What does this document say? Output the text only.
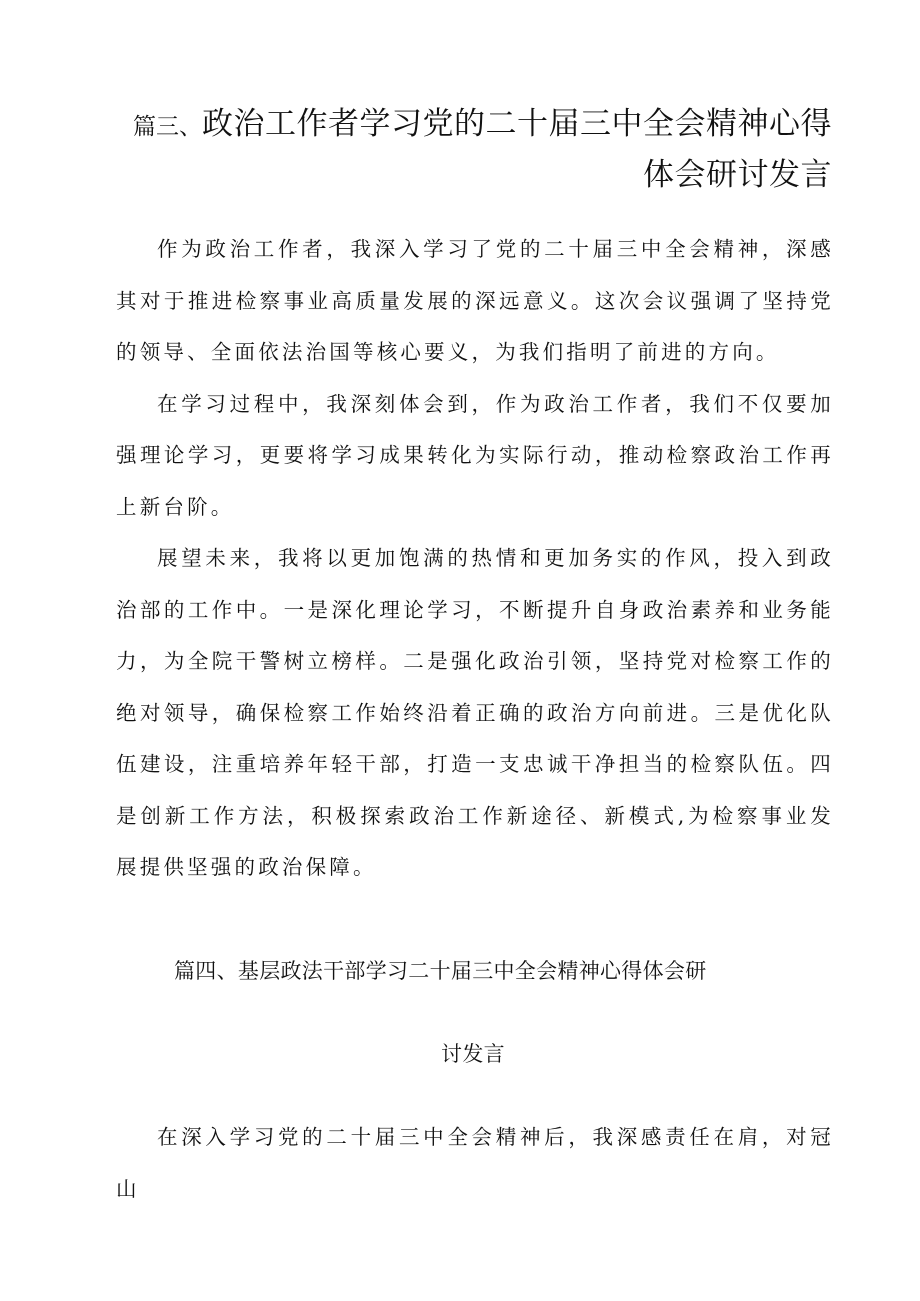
篇三、政治工作者学习党的二十届三中全会精神心得
体会研讨发言

作为政治工作者，我深入学习了党的二十届三中全会精神，深感其对于推进检察事业高质量发展的深远意义。这次会议强调了坚持党的领导、全面依法治国等核心要义，为我们指明了前进的方向。

在学习过程中，我深刻体会到，作为政治工作者，我们不仅要加强理论学习，更要将学习成果转化为实际行动，推动检察政治工作再上新台阶。

展望未来，我将以更加饱满的热情和更加务实的作风，投入到政治部的工作中。一是深化理论学习，不断提升自身政治素养和业务能力，为全院干警树立榜样。二是强化政治引领，坚持党对检察工作的绝对领导，确保检察工作始终沿着正确的政治方向前进。三是优化队伍建设，注重培养年轻干部，打造一支忠诚干净担当的检察队伍。四是创新工作方法，积极探索政治工作新途径、新模式,为检察事业发展提供坚强的政治保障。

篇四、基层政法干部学习二十届三中全会精神心得体会研
讨发言

在深入学习党的二十届三中全会精神后，我深感责任在肩，对冠山
